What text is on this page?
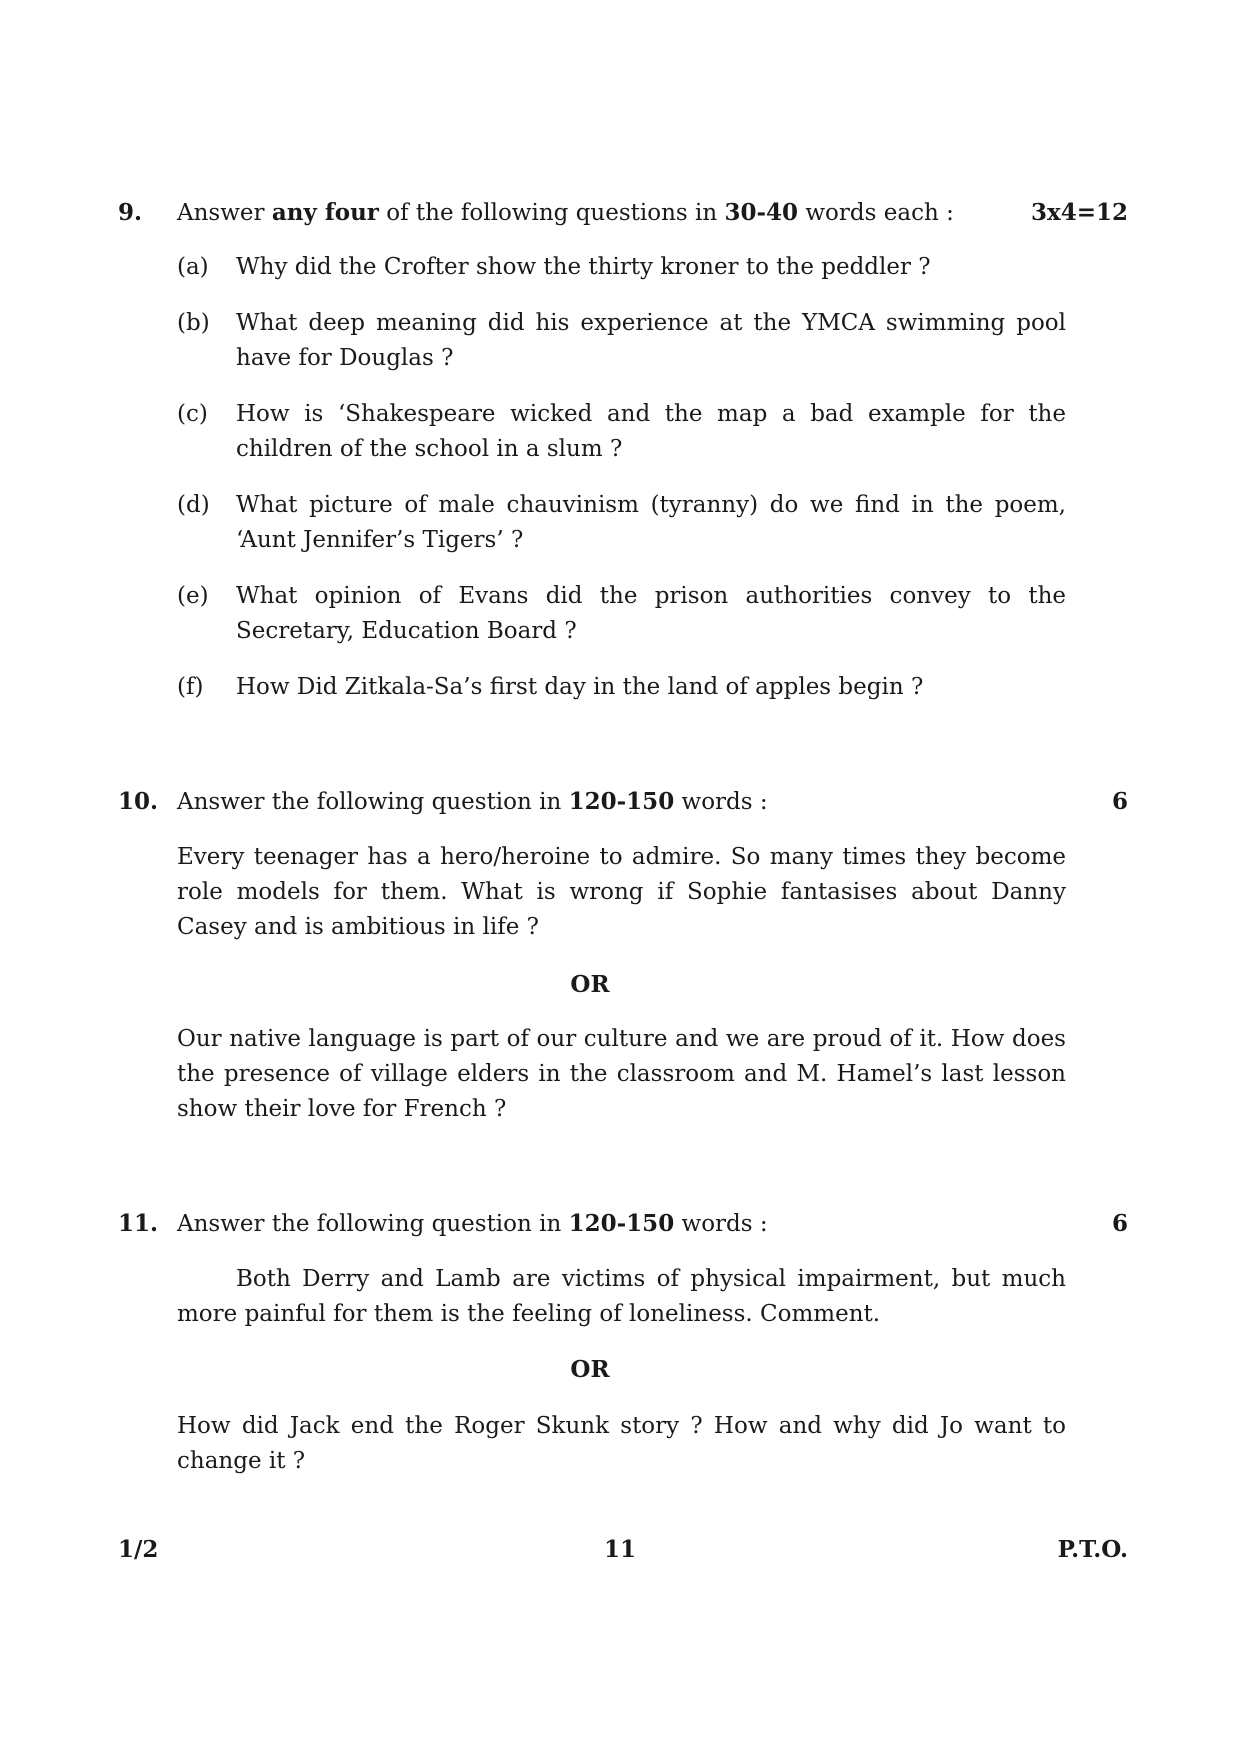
9. Answer any four of the following questions in 30-40 words each :	3x4=12
(a) Why did the Crofter show the thirty kroner to the peddler ?
(b) What deep meaning did his experience at the YMCA swimming pool have for Douglas ?
(c) How is ‘Shakespeare wicked and the map a bad example for the children of the school in a slum ?
(d) What picture of male chauvinism (tyranny) do we find in the poem, ‘Aunt Jennifer’s Tigers’ ?
(e) What opinion of Evans did the prison authorities convey to the Secretary, Education Board ?
(f) How Did Zitkala-Sa’s first day in the land of apples begin ?
10. Answer the following question in 120-150 words :	6
Every teenager has a hero/heroine to admire. So many times they become role models for them. What is wrong if Sophie fantasises about Danny Casey and is ambitious in life ?
OR
Our native language is part of our culture and we are proud of it. How does the presence of village elders in the classroom and M. Hamel’s last lesson show their love for French ?
11. Answer the following question in 120-150 words :	6
Both Derry and Lamb are victims of physical impairment, but much more painful for them is the feeling of loneliness. Comment.
OR
How did Jack end the Roger Skunk story ? How and why did Jo want to change it ?
1/2	11	P.T.O.
